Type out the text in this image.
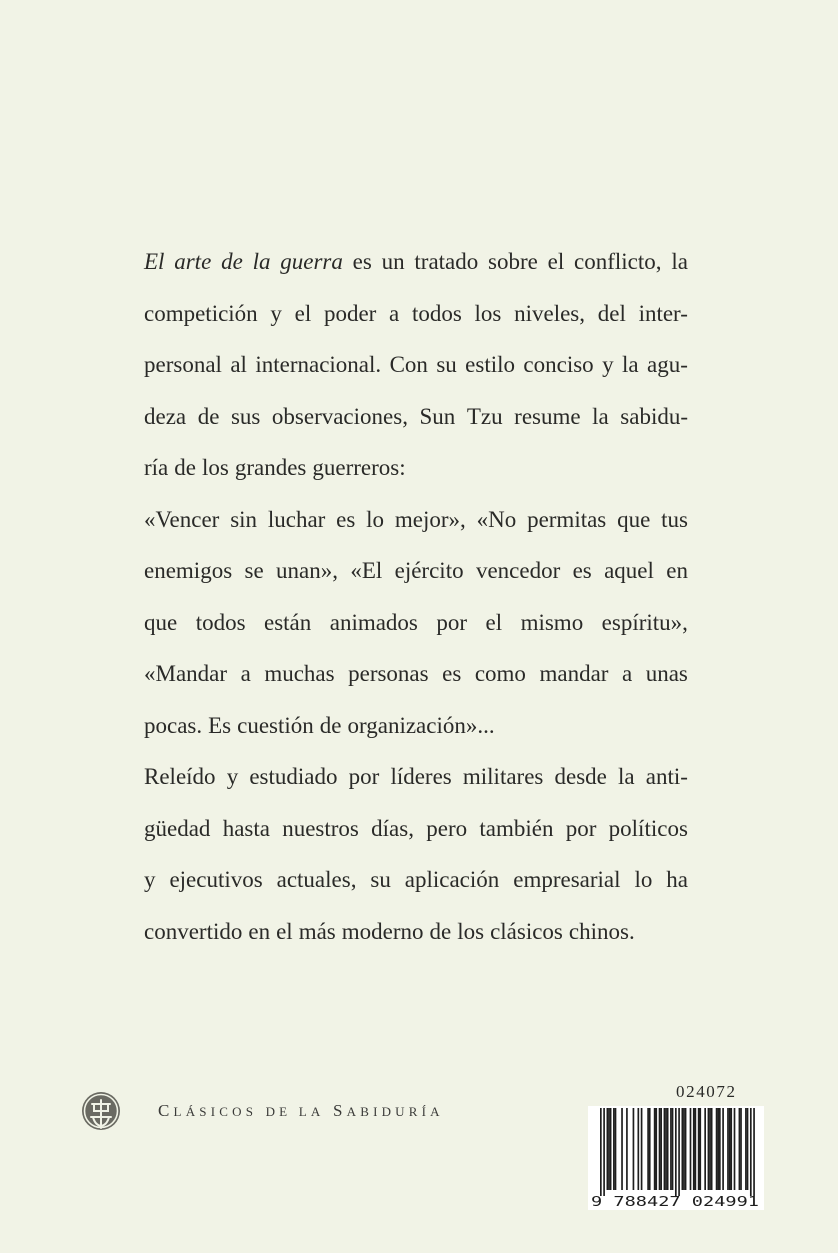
El arte de la guerra es un tratado sobre el conflicto, la
competición y el poder a todos los niveles, del inter-
personal al internacional. Con su estilo conciso y la agu-
deza de sus observaciones, Sun Tzu resume la sabidu-
ría de los grandes guerreros:
«Vencer sin luchar es lo mejor», «No permitas que tus
enemigos se unan», «El ejército vencedor es aquel en
que todos están animados por el mismo espíritu»,
«Mandar a muchas personas es como mandar a unas
pocas. Es cuestión de organización»...
Releído y estudiado por líderes militares desde la anti-
güedad hasta nuestros días, pero también por políticos
y ejecutivos actuales, su aplicación empresarial lo ha
convertido en el más moderno de los clásicos chinos.
CLÁSICOS DE LA SABIDURÍA
024072
9 788427 024991
